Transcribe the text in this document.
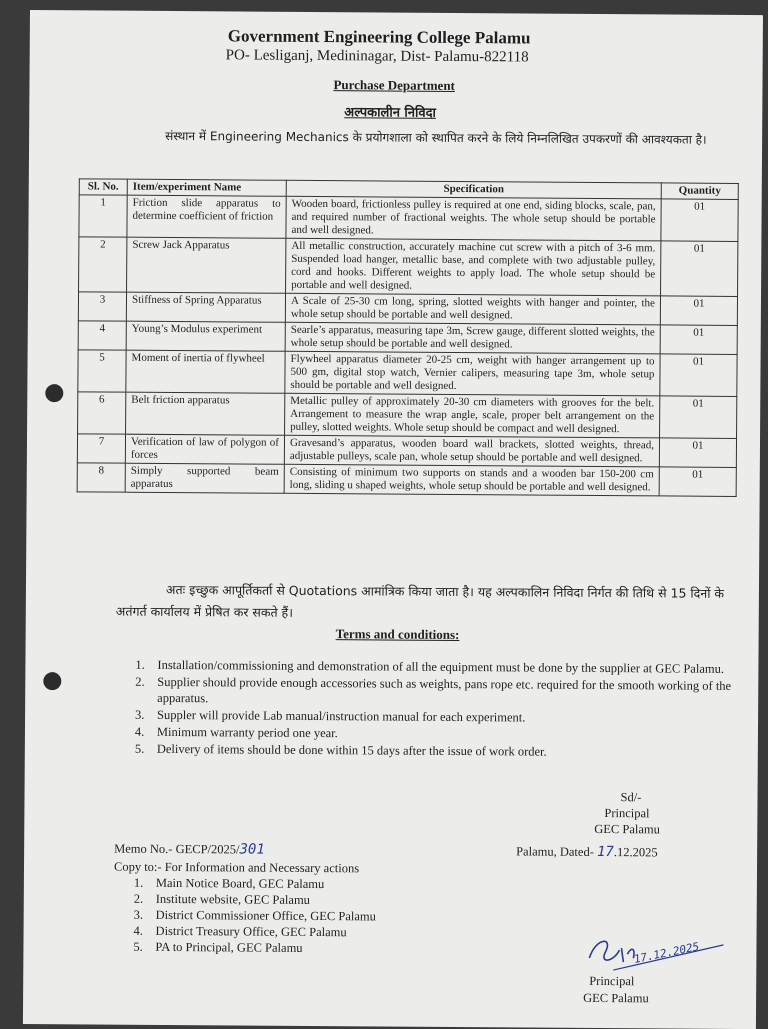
Government Engineering College Palamu
PO- Lesliganj, Medininagar, Dist- Palamu-822118
Purchase Department
अल्पकालीन निविदा
संस्थान में Engineering Mechanics के प्रयोगशाला को स्थापित करने के लिये निम्नलिखित उपकरणों की आवश्यकता है।
Sl. No.	Item/experiment Name	Specification	Quantity
1	Friction slide apparatus to determine coefficient of friction	Wooden board, frictionless pulley is required at one end, siding blocks, scale, pan, and required number of fractional weights. The whole setup should be portable and well designed.	01
2	Screw Jack Apparatus	All metallic construction, accurately machine cut screw with a pitch of 3-6 mm. Suspended load hanger, metallic base, and complete with two adjustable pulley, cord and hooks. Different weights to apply load. The whole setup should be portable and well designed.	01
3	Stiffness of Spring Apparatus	A Scale of 25-30 cm long, spring, slotted weights with hanger and pointer, the whole setup should be portable and well designed.	01
4	Young’s Modulus experiment	Searle’s apparatus, measuring tape 3m, Screw gauge, different slotted weights, the whole setup should be portable and well designed.	01
5	Moment of inertia of flywheel	Flywheel apparatus diameter 20-25 cm, weight with hanger arrangement up to 500 gm, digital stop watch, Vernier calipers, measuring tape 3m, whole setup should be portable and well designed.	01
6	Belt friction apparatus	Metallic pulley of approximately 20-30 cm diameters with grooves for the belt. Arrangement to measure the wrap angle, scale, proper belt arrangement on the pulley, slotted weights. Whole setup should be compact and well designed.	01
7	Verification of law of polygon of forces	Gravesand’s apparatus, wooden board wall brackets, slotted weights, thread, adjustable pulleys, scale pan, whole setup should be portable and well designed.	01
8	Simply supported beam apparatus	Consisting of minimum two supports on stands and a wooden bar 150-200 cm long, sliding u shaped weights, whole setup should be portable and well designed.	01
अतः इच्छुक आपूर्तिकर्ता से Quotations आमांत्रिक किया जाता है। यह अल्पकालिन निविदा निर्गत की तिथि से 15 दिनों के अतंगर्त कार्यालय में प्रेषित कर सकते हैं।
Terms and conditions:
1.	Installation/commissioning and demonstration of all the equipment must be done by the supplier at GEC Palamu.
2.	Supplier should provide enough accessories such as weights, pans rope etc. required for the smooth working of the apparatus.
3.	Suppler will provide Lab manual/instruction manual for each experiment.
4.	Minimum warranty period one year.
5.	Delivery of items should be done within 15 days after the issue of work order.
Sd/-
Principal
GEC Palamu
Memo No.- GECP/2025/301	Palamu, Dated- 17.12.2025
Copy to:- For Information and Necessary actions
1.	Main Notice Board, GEC Palamu
2.	Institute website, GEC Palamu
3.	District Commissioner Office, GEC Palamu
4.	District Treasury Office, GEC Palamu
5.	PA to Principal, GEC Palamu	17.12.2025
Principal
GEC Palamu
